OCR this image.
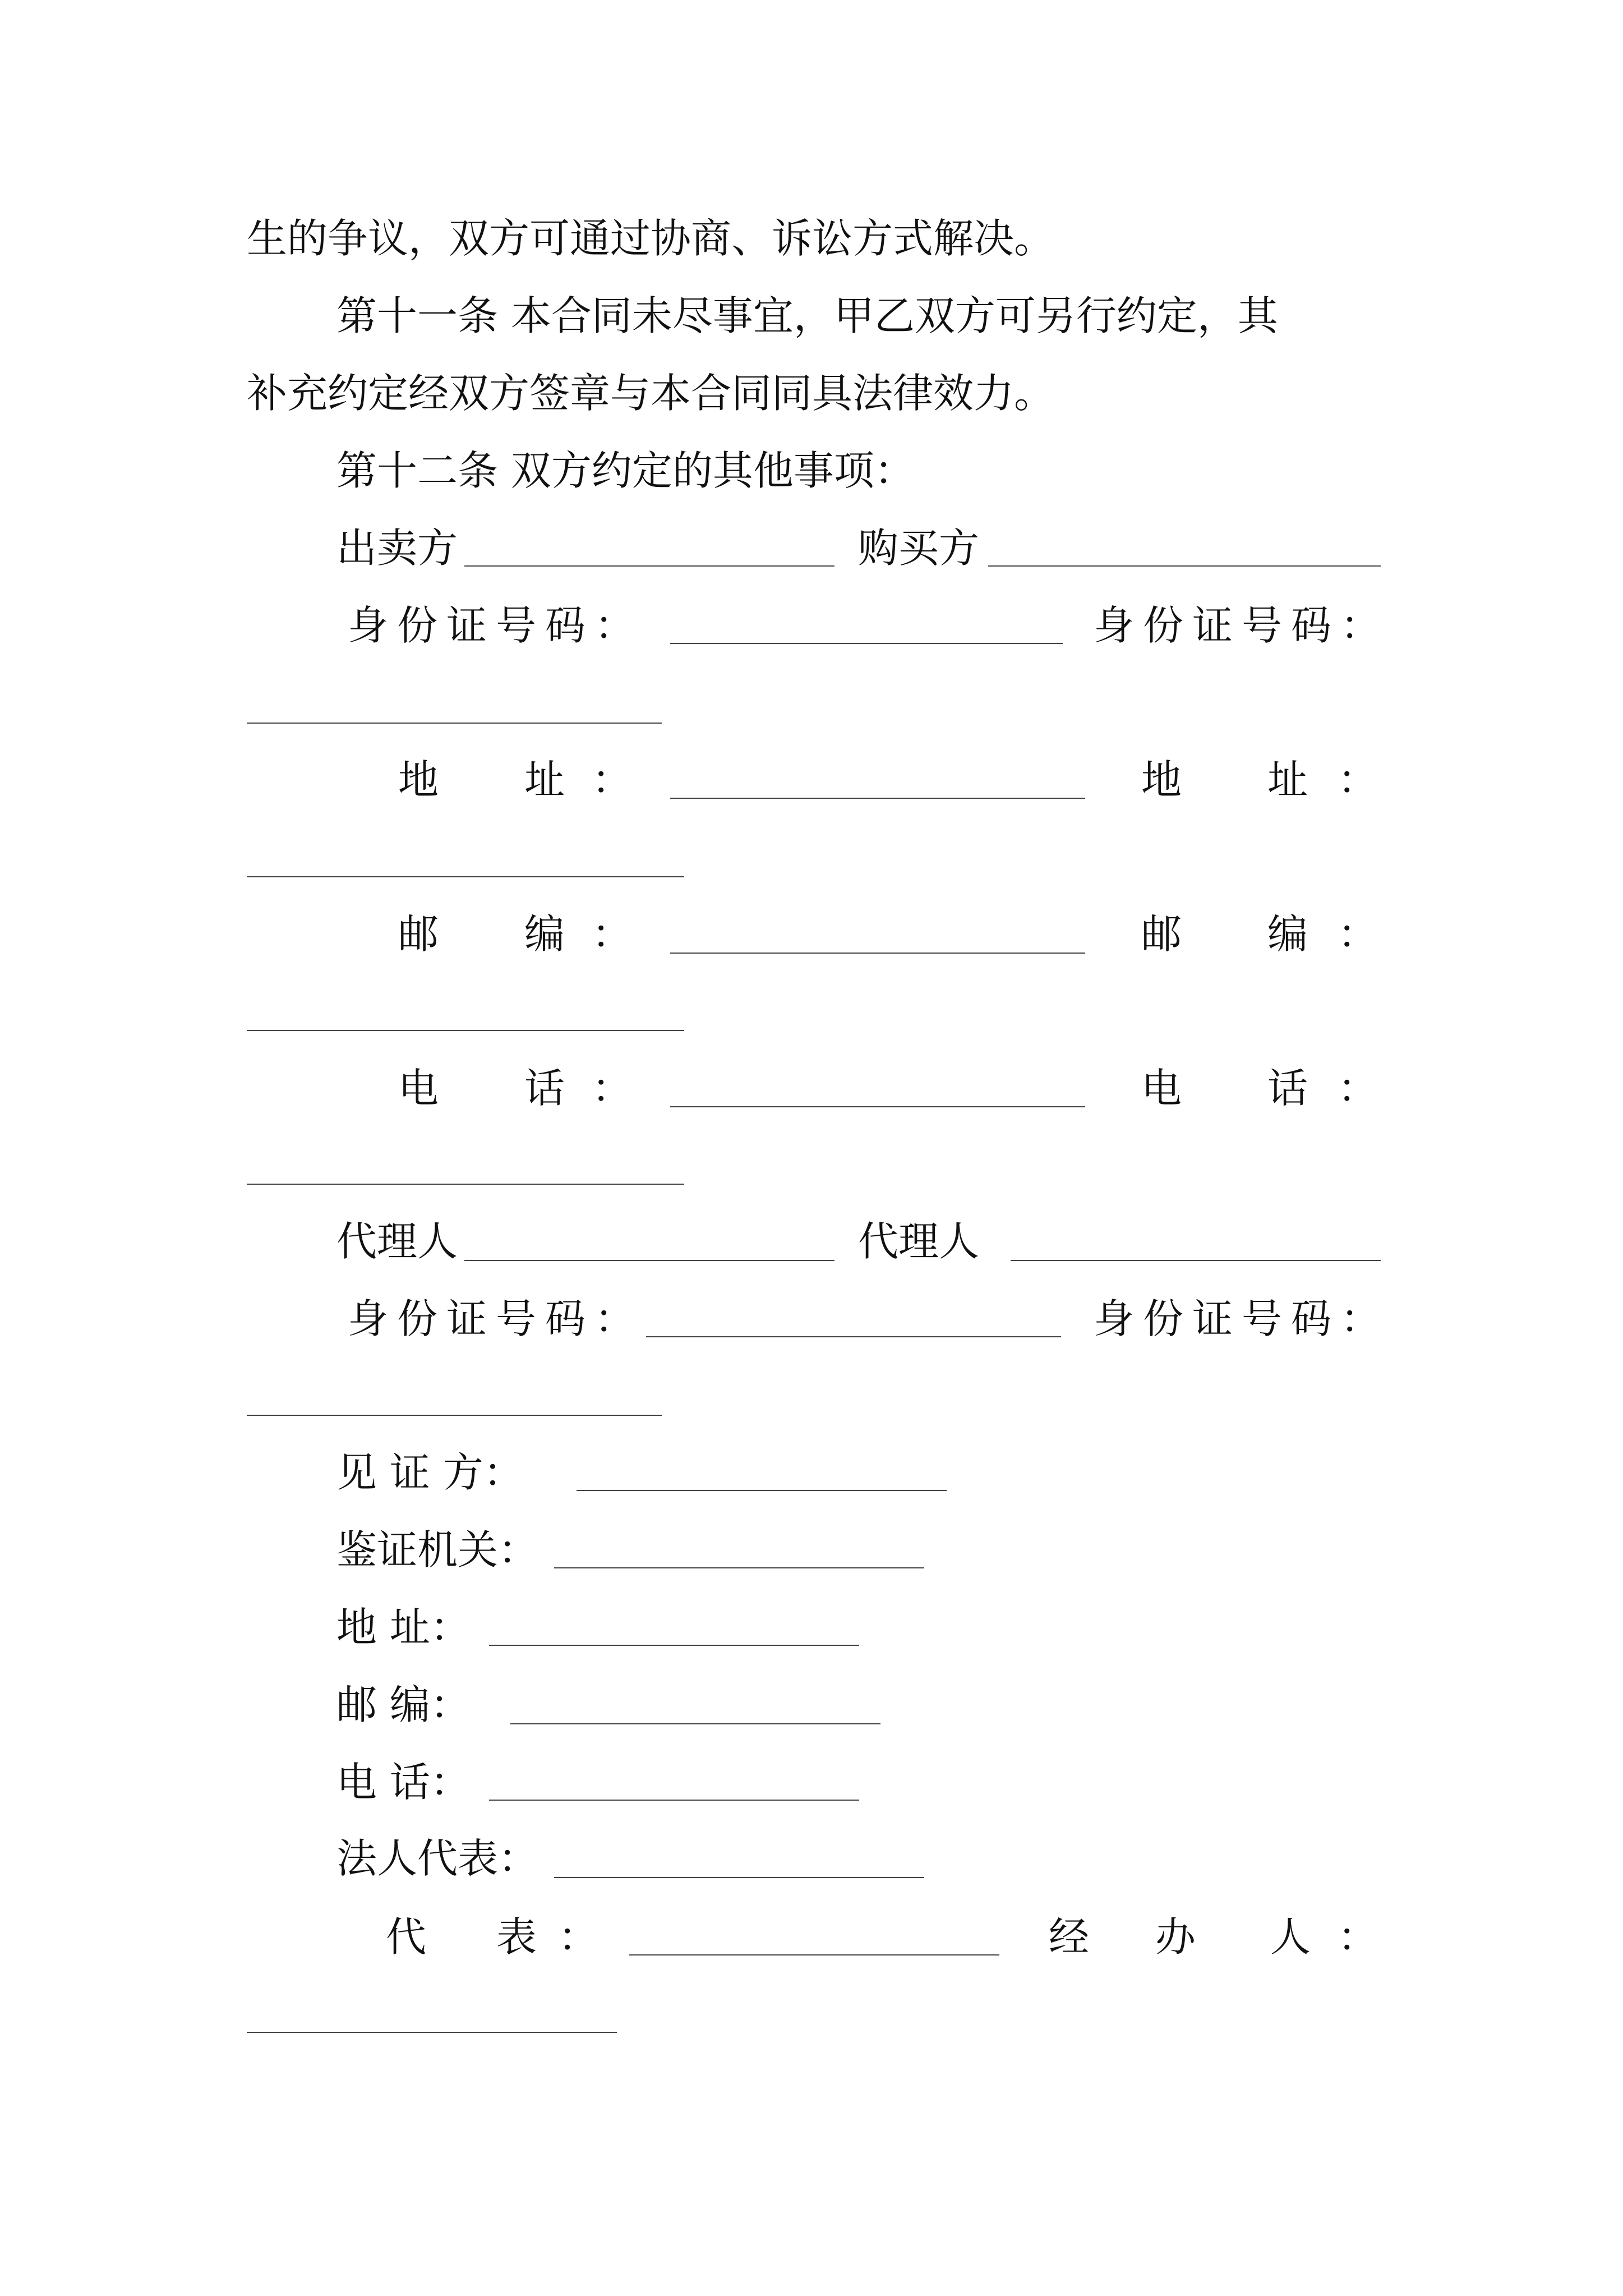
生的争议，双方可通过协商、诉讼方式解决。
第十一条 本合同未尽事宜，甲乙双方可另行约定，其
补充约定经双方签章与本合同同具法律效力。
第十二条 双方约定的其他事项：
出卖方	购买方
身份证号码：	身份证号码：
地 址 ：	地 址 ：
邮 编 ：	邮 编 ：
电 话 ：	电 话 ：
代理人	代理人
身份证号码：	身份证号码：
见 证 方：
鉴证机关：
地 址：
邮 编：
电 话：
法人代表：
代 表 ：	经 办 人 ：
